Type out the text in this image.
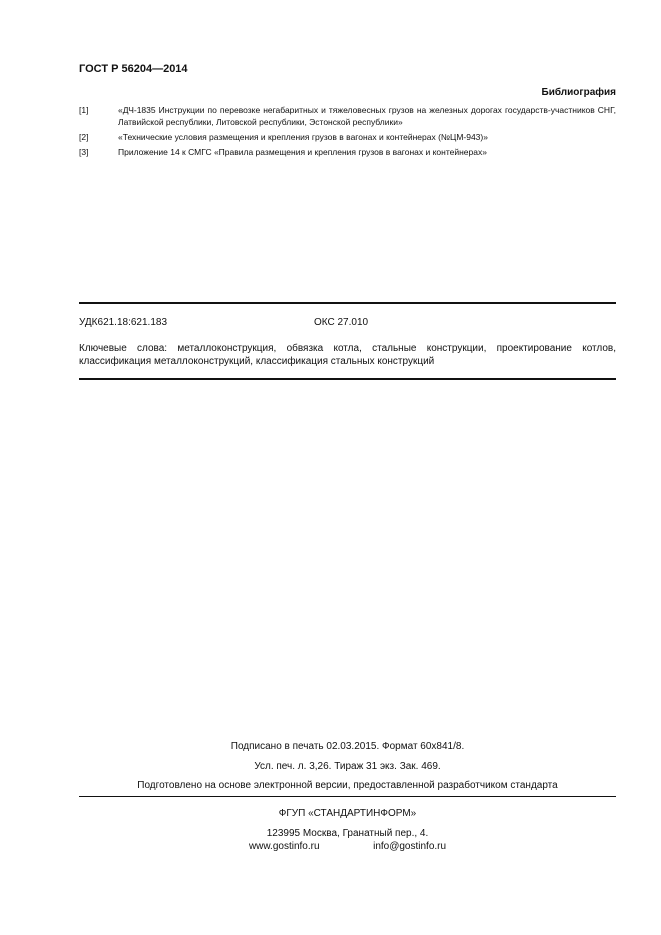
ГОСТ Р 56204—2014
Библиография
[1]	«ДЧ-1835 Инструкции по перевозке негабаритных и тяжеловесных грузов на железных дорогах государств-участников СНГ, Латвийской республики, Литовской республики, Эстонской республики»
[2]	«Технические условия размещения и крепления грузов в вагонах и контейнерах (№ЦМ-943)»
[3]	Приложение 14 к СМГС «Правила размещения и крепления грузов в вагонах и контейнерах»
УДК621.18:621.183	ОКС 27.010
Ключевые слова: металлоконструкция, обвязка котла, стальные конструкции, проектирование котлов, классификация металлоконструкций, классификация стальных конструкций
Подписано в печать 02.03.2015. Формат 60х841/8.
Усл. печ. л. 3,26. Тираж 31 экз. Зак. 469.
Подготовлено на основе электронной версии, предоставленной разработчиком стандарта
ФГУП «СТАНДАРТИНФОРМ»
123995 Москва, Гранатный пер., 4.
www.gostinfo.ru	info@gostinfo.ru
